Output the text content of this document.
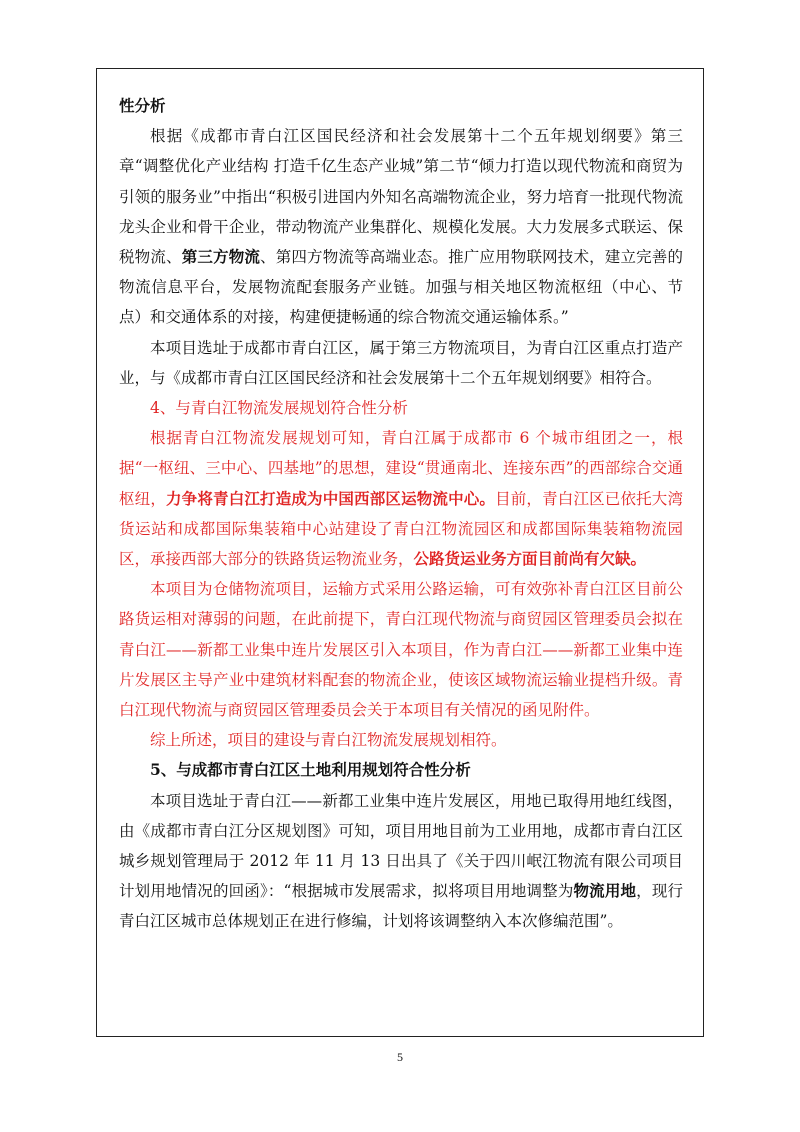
性分析

根据《成都市青白江区国民经济和社会发展第十二个五年规划纲要》第三章“调整优化产业结构 打造千亿生态产业城”第二节“倾力打造以现代物流和商贸为引领的服务业”中指出“积极引进国内外知名高端物流企业，努力培育一批现代物流龙头企业和骨干企业，带动物流产业集群化、规模化发展。大力发展多式联运、保税物流、第三方物流、第四方物流等高端业态。推广应用物联网技术，建立完善的物流信息平台，发展物流配套服务产业链。加强与相关地区物流枢纽（中心、节点）和交通体系的对接，构建便捷畅通的综合物流交通运输体系。”

本项目选址于成都市青白江区，属于第三方物流项目，为青白江区重点打造产业，与《成都市青白江区国民经济和社会发展第十二个五年规划纲要》相符合。

4、与青白江物流发展规划符合性分析

根据青白江物流发展规划可知，青白江属于成都市 6 个城市组团之一，根据“一枢纽、三中心、四基地”的思想，建设“贯通南北、连接东西”的西部综合交通枢纽，力争将青白江打造成为中国西部区运物流中心。目前，青白江区已依托大湾货运站和成都国际集装箱中心站建设了青白江物流园区和成都国际集装箱物流园区，承接西部大部分的铁路货运物流业务，公路货运业务方面目前尚有欠缺。

本项目为仓储物流项目，运输方式采用公路运输，可有效弥补青白江区目前公路货运相对薄弱的问题，在此前提下，青白江现代物流与商贸园区管理委员会拟在青白江——新都工业集中连片发展区引入本项目，作为青白江——新都工业集中连片发展区主导产业中建筑材料配套的物流企业，使该区域物流运输业提档升级。青白江现代物流与商贸园区管理委员会关于本项目有关情况的函见附件。

综上所述，项目的建设与青白江物流发展规划相符。

5、与成都市青白江区土地利用规划符合性分析

本项目选址于青白江——新都工业集中连片发展区，用地已取得用地红线图，由《成都市青白江分区规划图》可知，项目用地目前为工业用地，成都市青白江区城乡规划管理局于 2012 年 11 月 13 日出具了《关于四川岷江物流有限公司项目计划用地情况的回函》：“根据城市发展需求，拟将项目用地调整为物流用地，现行青白江区城市总体规划正在进行修编，计划将该调整纳入本次修编范围”。

5
